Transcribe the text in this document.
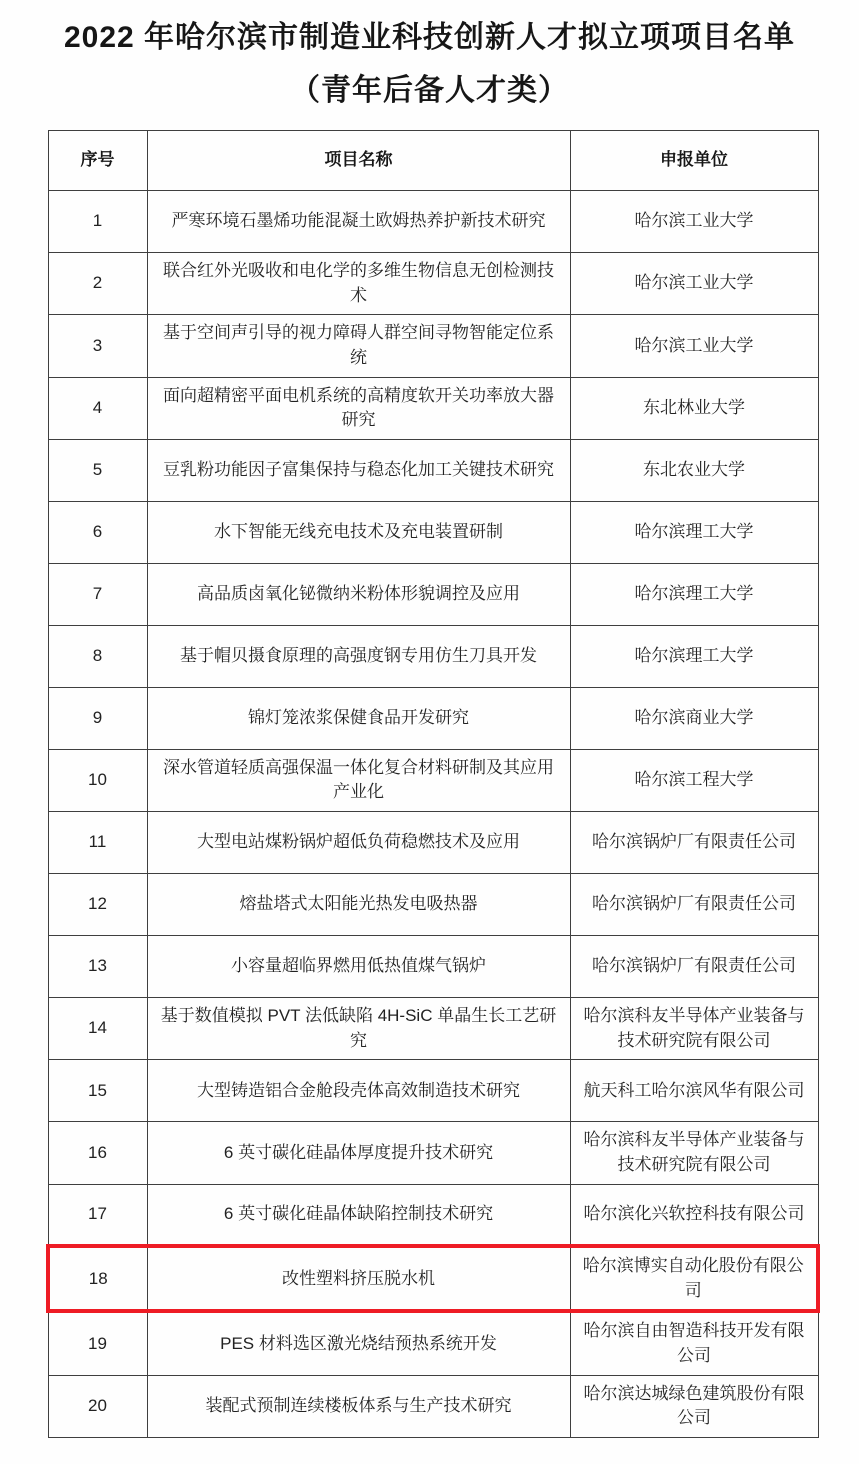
2022 年哈尔滨市制造业科技创新人才拟立项项目名单
（青年后备人才类）
序号	项目名称	申报单位
1	严寒环境石墨烯功能混凝土欧姆热养护新技术研究	哈尔滨工业大学
2	联合红外光吸收和电化学的多维生物信息无创检测技术	哈尔滨工业大学
3	基于空间声引导的视力障碍人群空间寻物智能定位系统	哈尔滨工业大学
4	面向超精密平面电机系统的高精度软开关功率放大器研究	东北林业大学
5	豆乳粉功能因子富集保持与稳态化加工关键技术研究	东北农业大学
6	水下智能无线充电技术及充电装置研制	哈尔滨理工大学
7	高品质卤氧化铋微纳米粉体形貌调控及应用	哈尔滨理工大学
8	基于帽贝摄食原理的高强度钢专用仿生刀具开发	哈尔滨理工大学
9	锦灯笼浓浆保健食品开发研究	哈尔滨商业大学
10	深水管道轻质高强保温一体化复合材料研制及其应用产业化	哈尔滨工程大学
11	大型电站煤粉锅炉超低负荷稳燃技术及应用	哈尔滨锅炉厂有限责任公司
12	熔盐塔式太阳能光热发电吸热器	哈尔滨锅炉厂有限责任公司
13	小容量超临界燃用低热值煤气锅炉	哈尔滨锅炉厂有限责任公司
14	基于数值模拟 PVT 法低缺陷 4H-SiC 单晶生长工艺研究	哈尔滨科友半导体产业装备与技术研究院有限公司
15	大型铸造铝合金舱段壳体高效制造技术研究	航天科工哈尔滨风华有限公司
16	6 英寸碳化硅晶体厚度提升技术研究	哈尔滨科友半导体产业装备与技术研究院有限公司
17	6 英寸碳化硅晶体缺陷控制技术研究	哈尔滨化兴软控科技有限公司
18	改性塑料挤压脱水机	哈尔滨博实自动化股份有限公司
19	PES 材料选区激光烧结预热系统开发	哈尔滨自由智造科技开发有限公司
20	装配式预制连续楼板体系与生产技术研究	哈尔滨达城绿色建筑股份有限公司
